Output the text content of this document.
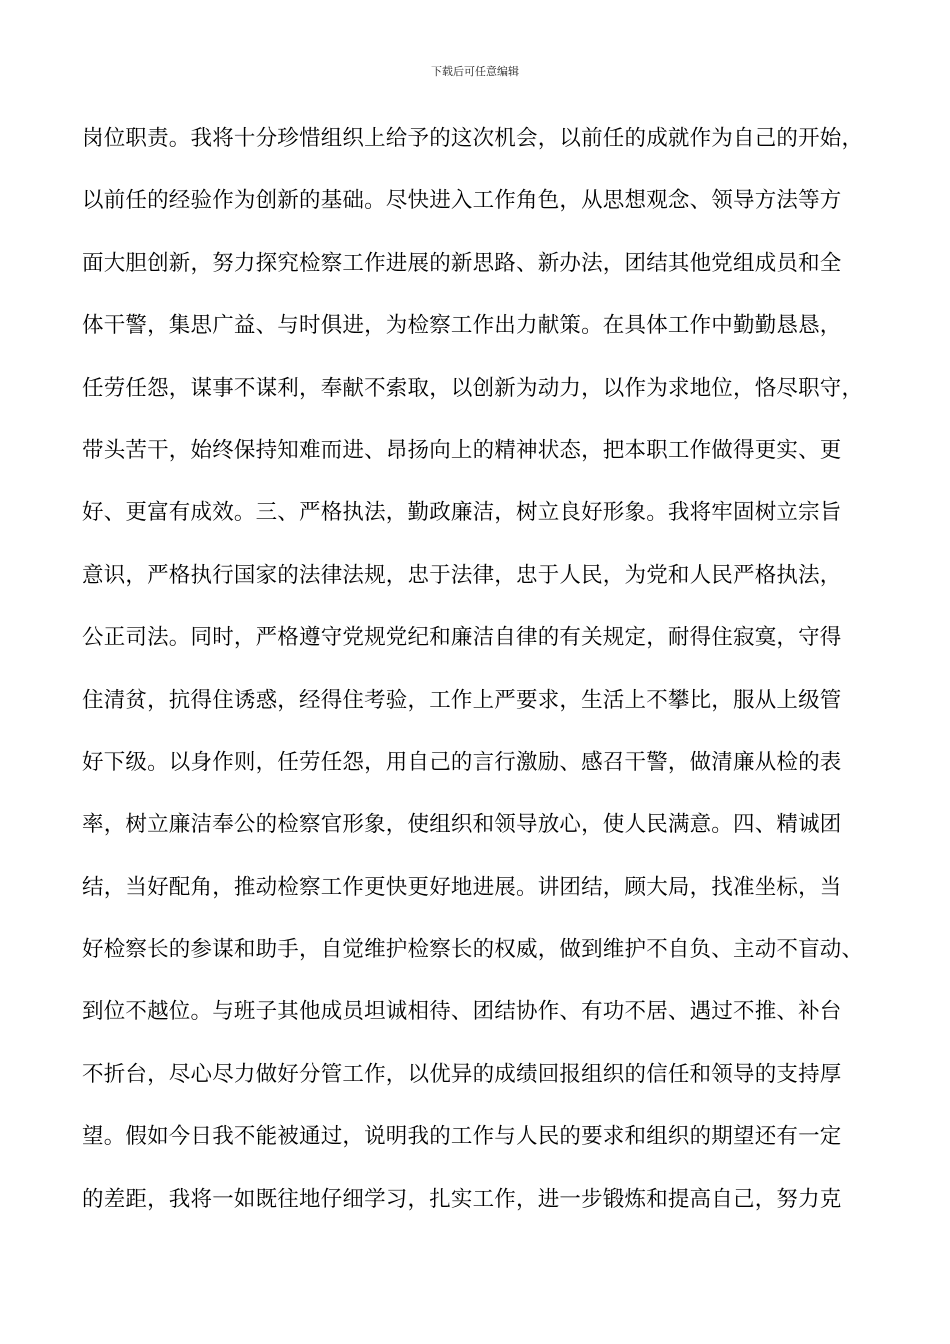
下载后可任意编辑
岗位职责。我将十分珍惜组织上给予的这次机会，以前任的成就作为自己的开始，
以前任的经验作为创新的基础。尽快进入工作角色，从思想观念、领导方法等方
面大胆创新，努力探究检察工作进展的新思路、新办法，团结其他党组成员和全
体干警，集思广益、与时俱进，为检察工作出力献策。在具体工作中勤勤恳恳，
任劳任怨，谋事不谋利，奉献不索取，以创新为动力，以作为求地位，恪尽职守，
带头苦干，始终保持知难而进、昂扬向上的精神状态，把本职工作做得更实、更
好、更富有成效。三、严格执法，勤政廉洁，树立良好形象。我将牢固树立宗旨
意识，严格执行国家的法律法规，忠于法律，忠于人民，为党和人民严格执法，
公正司法。同时，严格遵守党规党纪和廉洁自律的有关规定，耐得住寂寞，守得
住清贫，抗得住诱惑，经得住考验，工作上严要求，生活上不攀比，服从上级管
好下级。以身作则，任劳任怨，用自己的言行激励、感召干警，做清廉从检的表
率，树立廉洁奉公的检察官形象，使组织和领导放心，使人民满意。四、精诚团
结，当好配角，推动检察工作更快更好地进展。讲团结，顾大局，找准坐标，当
好检察长的参谋和助手，自觉维护检察长的权威，做到维护不自负、主动不盲动、
到位不越位。与班子其他成员坦诚相待、团结协作、有功不居、遇过不推、补台
不折台，尽心尽力做好分管工作，以优异的成绩回报组织的信任和领导的支持厚
望。假如今日我不能被通过，说明我的工作与人民的要求和组织的期望还有一定
的差距，我将一如既往地仔细学习，扎实工作，进一步锻炼和提高自己，努力克
